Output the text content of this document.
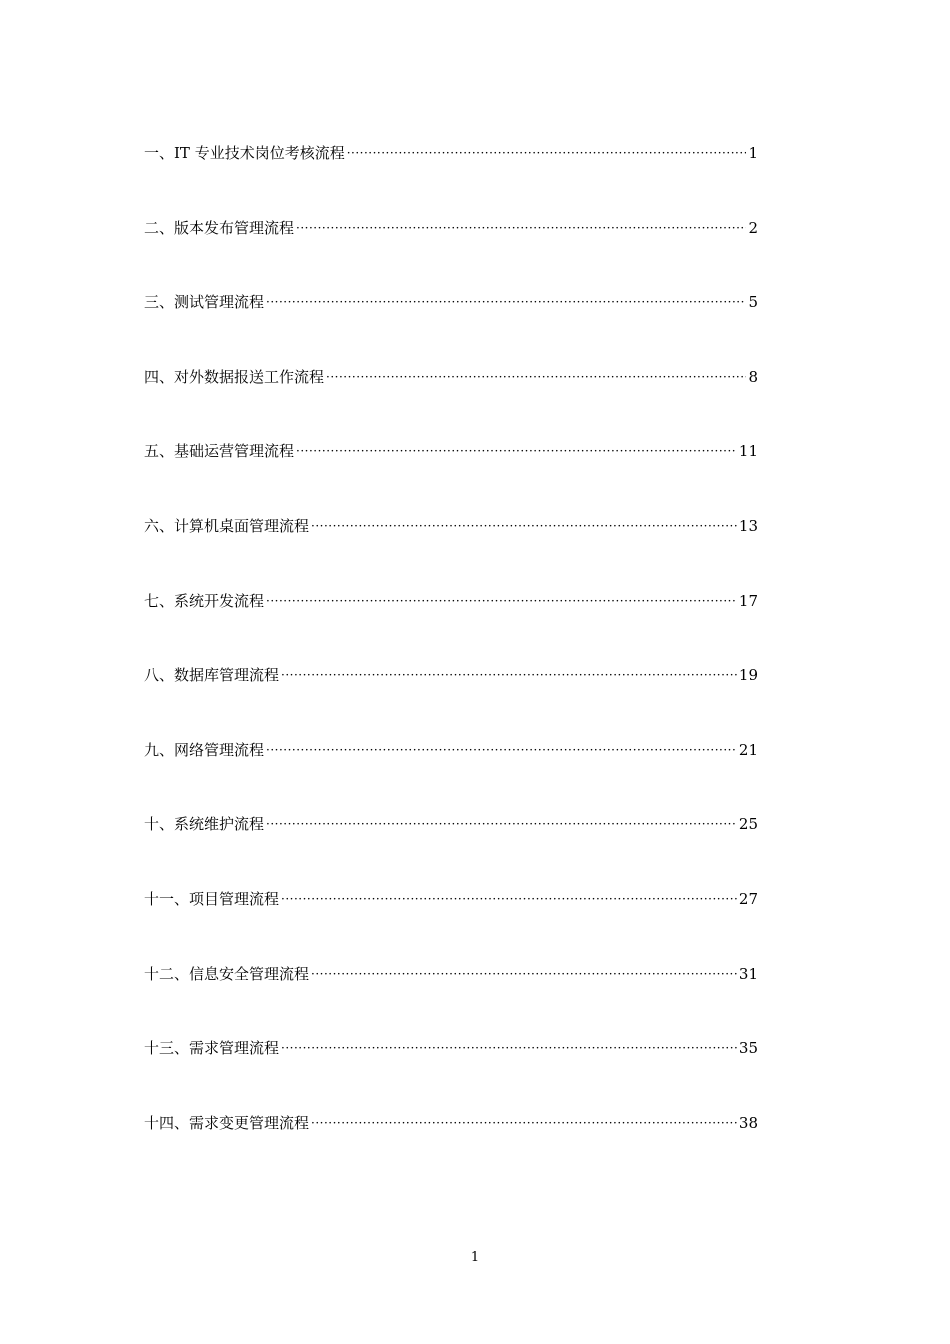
一、IT 专业技术岗位考核流程 ·····	1
二、版本发布管理流程 ·····	2
三、测试管理流程 ·····	5
四、对外数据报送工作流程 ·····	8
五、基础运营管理流程 ·····	11
六、计算机桌面管理流程 ·····	13
七、系统开发流程 ·····	17
八、数据库管理流程 ·····	19
九、网络管理流程 ·····	21
十、系统维护流程 ·····	25
十一、项目管理流程 ·····	27
十二、信息安全管理流程 ·····	31
十三、需求管理流程 ·····	35
十四、需求变更管理流程 ·····	38
1
